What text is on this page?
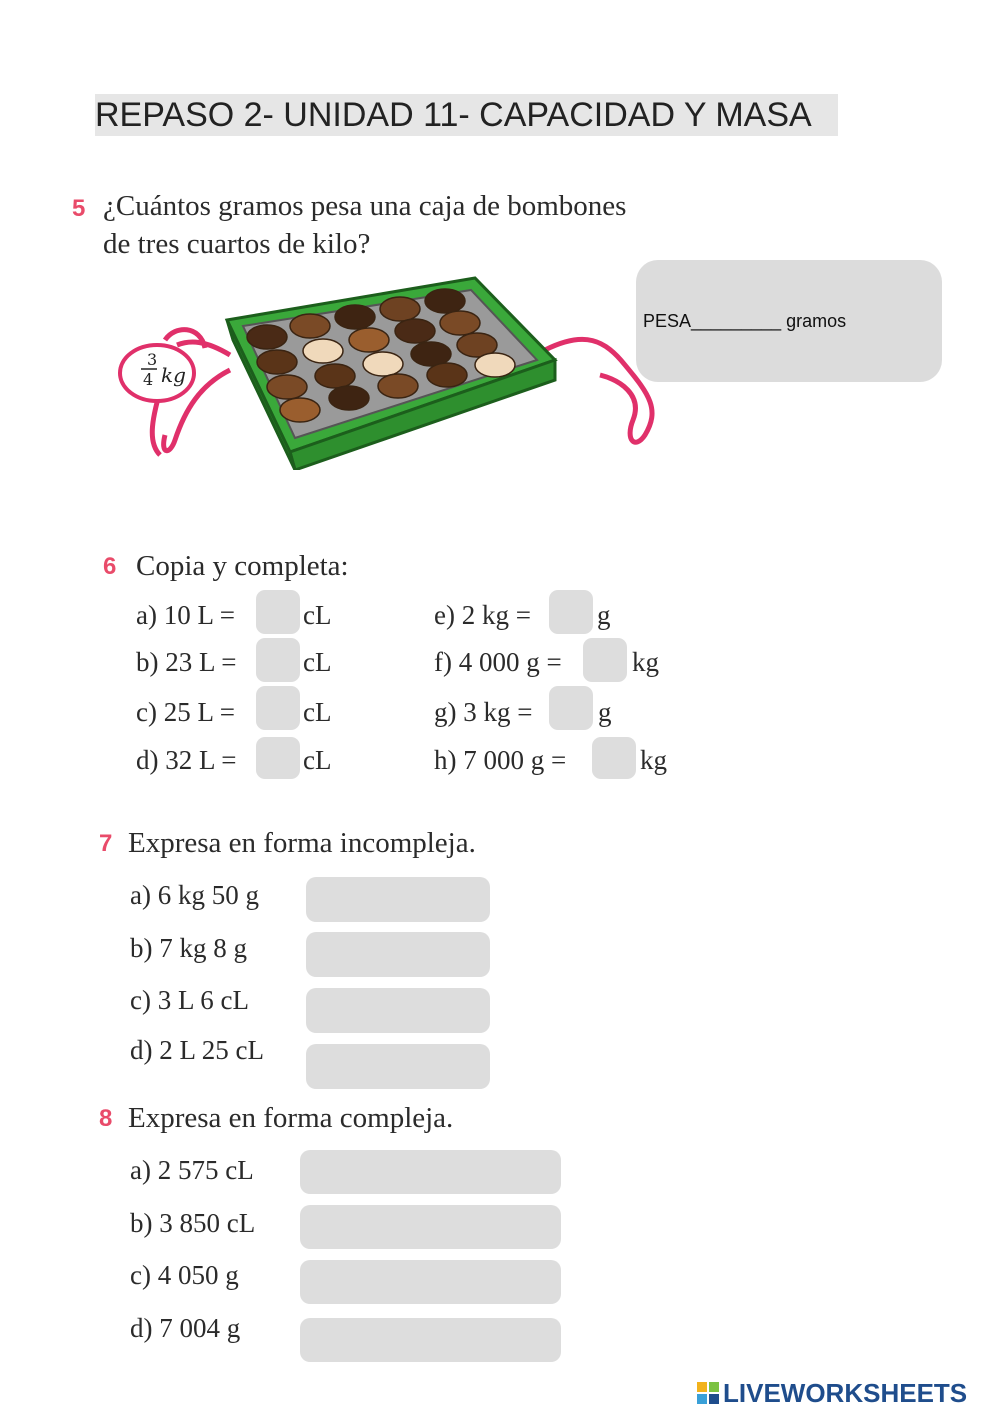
REPASO 2- UNIDAD 11- CAPACIDAD Y MASA
5 ¿Cuántos gramos pesa una caja de bombones
de tres cuartos de kilo?
3
4 kg
PESA_________ gramos
6 Copia y completa:
a) 10 L =	cL
b) 23 L = cL
c) 25 L =	cL
d) 32 L = cL
e) 2 kg = g
f) 4 000 g =	kg
g) 3 kg = g
h) 7 000 g =	kg
7 Expresa en forma incompleja.
a) 6 kg 50 g
b) 7 kg 8 g
c) 3 L 6 cL
d) 2 L 25 cL
8 Expresa en forma compleja.
a) 2 575 cL
b) 3 850 cL
c) 4 050 g
d) 7 004 g
LIVEWORKSHEETS
